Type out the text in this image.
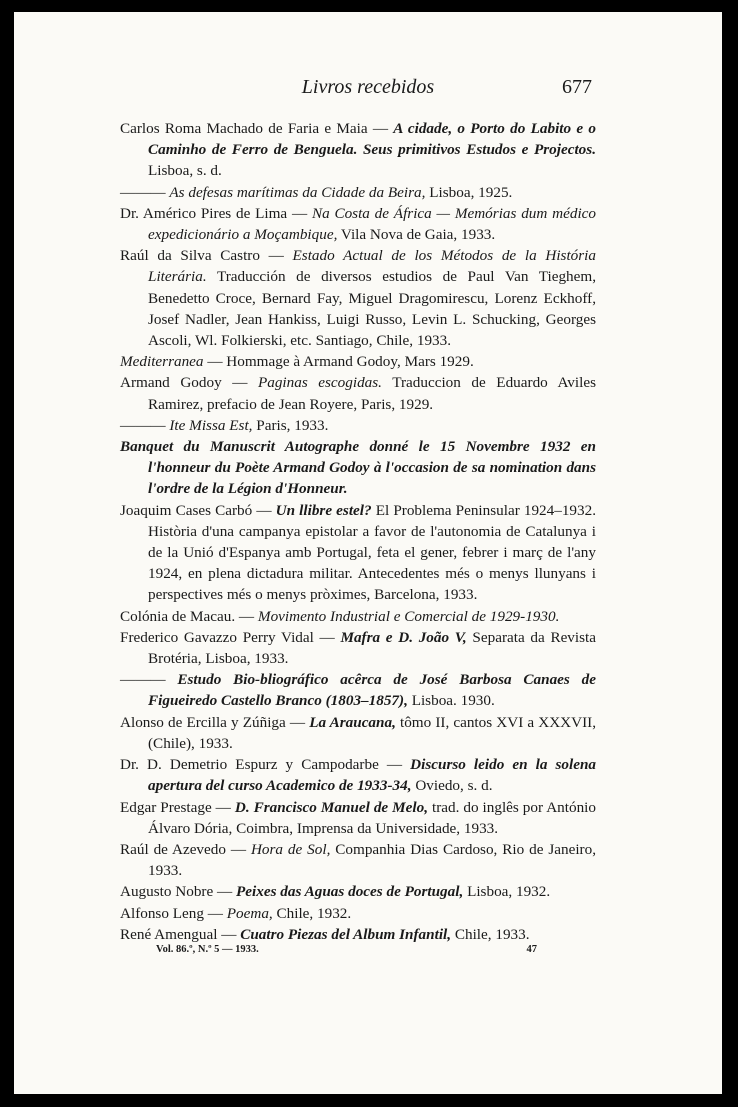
Livros recebidos	677

Carlos Roma Machado de Faria e Maia — A cidade, o Porto do Labito e o Caminho de Ferro de Benguela. Seus primitivos Estudos e Projectos. Lisboa, s. d.

——— As defesas marítimas da Cidade da Beira, Lisboa, 1925.

Dr. Américo Pires de Lima — Na Costa de África — Memórias dum médico expedicionário a Moçambique, Vila Nova de Gaia, 1933.

Raúl da Silva Castro — Estado Actual de los Métodos de la História Literária. Traducción de diversos estudios de Paul Van Tieghem, Benedetto Croce, Bernard Fay, Miguel Dragomirescu, Lorenz Eckhoff, Josef Nadler, Jean Hankiss, Luigi Russo, Levin L. Schucking, Georges Ascoli, Wl. Folkierski, etc. Santiago, Chile, 1933.

Mediterranea — Hommage à Armand Godoy, Mars 1929.

Armand Godoy — Paginas escogidas. Traduccion de Eduardo Aviles Ramirez, prefacio de Jean Royere, Paris, 1929.

——— Ite Missa Est, Paris, 1933.

Banquet du Manuscrit Autographe donné le 15 Novembre 1932 en l'honneur du Poète Armand Godoy à l'occasion de sa nomination dans l'ordre de la Légion d'Honneur.

Joaquim Cases Carbó — Un llibre estel? El Problema Peninsular 1924–1932. Història d'una campanya epistolar a favor de l'autonomia de Catalunya i de la Unió d'Espanya amb Portugal, feta el gener, febrer i març de l'any 1924, en plena dictadura militar. Antecedentes més o menys llunyans i perspectives més o menys pròximes, Barcelona, 1933.

Colónia de Macau. — Movimento Industrial e Comercial de 1929-1930.

Frederico Gavazzo Perry Vidal — Mafra e D. João V, Separata da Revista Brotéria, Lisboa, 1933.

——— Estudo Bio-bliográfico acêrca de José Barbosa Canaes de Figueiredo Castello Branco (1803–1857), Lisboa. 1930.

Alonso de Ercilla y Zúñiga — La Araucana, tômo II, cantos XVI a XXXVII, (Chile), 1933.

Dr. D. Demetrio Espurz y Campodarbe — Discurso leido en la solena apertura del curso Academico de 1933-34, Oviedo, s. d.

Edgar Prestage — D. Francisco Manuel de Melo, trad. do inglês por António Álvaro Dória, Coimbra, Imprensa da Universidade, 1933.

Raúl de Azevedo — Hora de Sol, Companhia Dias Cardoso, Rio de Janeiro, 1933.

Augusto Nobre — Peixes das Aguas doces de Portugal, Lisboa, 1932.

Alfonso Leng — Poema, Chile, 1932.

René Amengual — Cuatro Piezas del Album Infantil, Chile, 1933.

Vol. 86.º, N.º 5 — 1933.	47
